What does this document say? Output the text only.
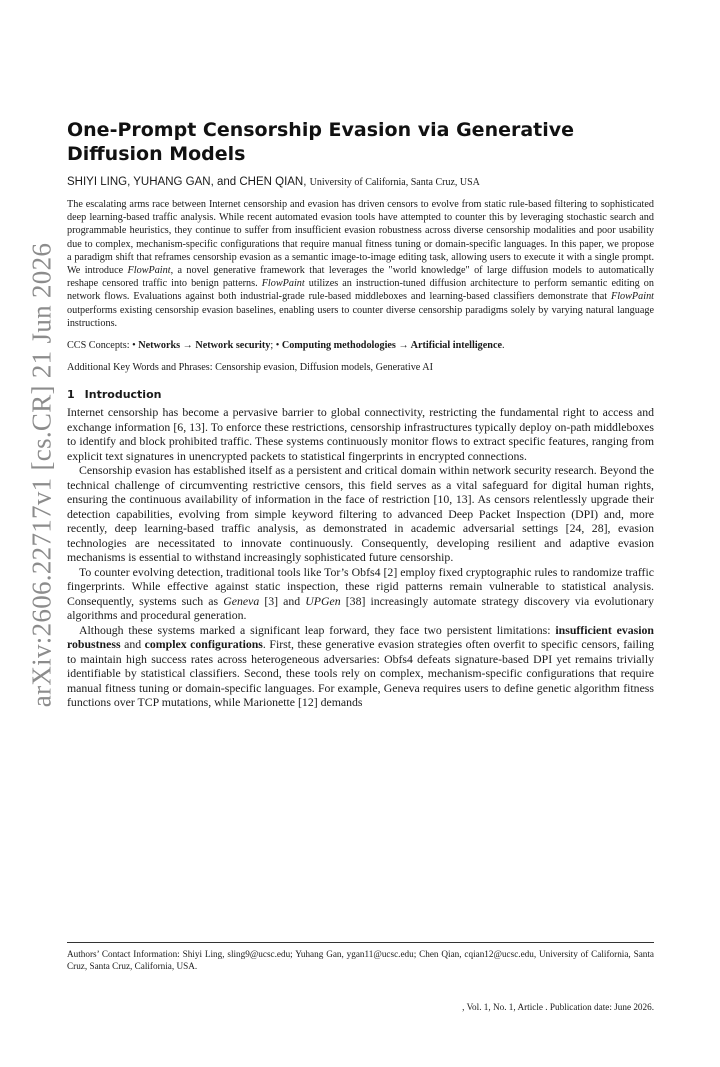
arXiv:2606.22717v1 [cs.CR] 21 Jun 2026
One-Prompt Censorship Evasion via Generative Diffusion Models
SHIYI LING, YUHANG GAN, and CHEN QIAN, University of California, Santa Cruz, USA
The escalating arms race between Internet censorship and evasion has driven censors to evolve from static rule-based filtering to sophisticated deep learning-based traffic analysis. While recent automated evasion tools have attempted to counter this by leveraging stochastic search and programmable heuristics, they continue to suffer from insufficient evasion robustness across diverse censorship modalities and poor usability due to complex, mechanism-specific configurations that require manual fitness tuning or domain-specific languages. In this paper, we propose a paradigm shift that reframes censorship evasion as a semantic image-to-image editing task, allowing users to execute it with a single prompt. We introduce FlowPaint, a novel generative framework that leverages the "world knowledge" of large diffusion models to automatically reshape censored traffic into benign patterns. FlowPaint utilizes an instruction-tuned diffusion architecture to perform semantic editing on network flows. Evaluations against both industrial-grade rule-based middleboxes and learning-based classifiers demonstrate that FlowPaint outperforms existing censorship evasion baselines, enabling users to counter diverse censorship paradigms solely by varying natural language instructions.
CCS Concepts: • Networks → Network security; • Computing methodologies → Artificial intelligence.
Additional Key Words and Phrases: Censorship evasion, Diffusion models, Generative AI
1 Introduction

Internet censorship has become a pervasive barrier to global connectivity, restricting the fundamental right to access and exchange information [6, 13]. To enforce these restrictions, censorship infrastructures typically deploy on-path middleboxes to identify and block prohibited traffic. These systems continuously monitor flows to extract specific features, ranging from explicit text signatures in unencrypted packets to statistical fingerprints in encrypted connections.

Censorship evasion has established itself as a persistent and critical domain within network security research. Beyond the technical challenge of circumventing restrictive censors, this field serves as a vital safeguard for digital human rights, ensuring the continuous availability of information in the face of restriction [10, 13]. As censors relentlessly upgrade their detection capabilities, evolving from simple keyword filtering to advanced Deep Packet Inspection (DPI) and, more recently, deep learning-based traffic analysis, as demonstrated in academic adversarial settings [24, 28], evasion technologies are necessitated to innovate continuously. Consequently, developing resilient and adaptive evasion mechanisms is essential to withstand increasingly sophisticated future censorship.

To counter evolving detection, traditional tools like Tor’s Obfs4 [2] employ fixed cryptographic rules to randomize traffic fingerprints. While effective against static inspection, these rigid patterns remain vulnerable to statistical analysis. Consequently, systems such as Geneva [3] and UPGen [38] increasingly automate strategy discovery via evolutionary algorithms and procedural generation.

Although these systems marked a significant leap forward, they face two persistent limitations: insufficient evasion robustness and complex configurations. First, these generative evasion strategies often overfit to specific censors, failing to maintain high success rates across heterogeneous adversaries: Obfs4 defeats signature-based DPI yet remains trivially identifiable by statistical classifiers. Second, these tools rely on complex, mechanism-specific configurations that require manual fitness tuning or domain-specific languages. For example, Geneva requires users to define genetic algorithm fitness functions over TCP mutations, while Marionette [12] demands

Authors’ Contact Information: Shiyi Ling, sling9@ucsc.edu; Yuhang Gan, ygan11@ucsc.edu; Chen Qian, cqian12@ucsc.edu, University of California, Santa Cruz, Santa Cruz, California, USA.
, Vol. 1, No. 1, Article . Publication date: June 2026.
